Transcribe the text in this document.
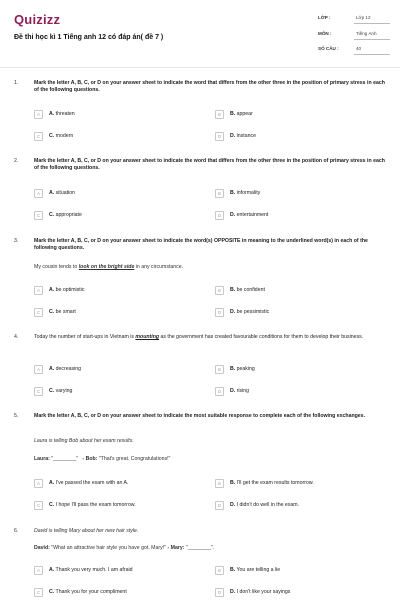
Quizizz
Đề thi học kì 1 Tiếng anh 12 có đáp án( đề 7 )
LỚP :	Lớp 12
MÔN :	Tiếng Anh
SỐ CÂU :	40
1.	Mark the letter A, B, C, or D on your answer sheet to indicate the word that differs from the other three in the position of primary stress in each of the following questions.
A	A. threaten	B	B. appear
C	C. modern	D	D. instance
2.	Mark the letter A, B, C, or D on your answer sheet to indicate the word that differs from the other three in the position of primary stress in each of the following questions.
A	A. situation	B	B. informality
C	C. appropriate	D	D. entertainment
3.	Mark the letter A, B, C, or D on your answer sheet to indicate the word(s) OPPOSITE in meaning to the underlined word(s) in each of the following questions.
My cousin tends to look on the bright side in any circumstance.
A	A. be optimistic	B	B. be confident
C	C. be smart	D	D. be pessimistic
4.	Today the number of start-ups in Vietnam is mounting as the government has created favourable conditions for them to develop their business.
A	A. decreasing	B	B. peaking
C	C. varying	D	D. rising
5.	Mark the letter A, B, C, or D on your answer sheet to indicate the most suitable response to complete each of the following exchanges.
Laura is telling Bob about her exam results.
Laura: "________" - Bob: "That's great. Congratulations!"
A	A. I've passed the exam with an A.	B	B. I'll get the exam results tomorrow.
C	C. I hope I'll pass the exam tomorrow.	D	D. I didn't do well in the exam.
6.	David is telling Mary about her new hair style.
David: "What an attractive hair style you have got, Mary!" - Mary: "________".
A	A. Thank you very much. I am afraid	B	B. You are telling a lie
C	C. Thank you for your compliment	D	D. I don't like your sayings
